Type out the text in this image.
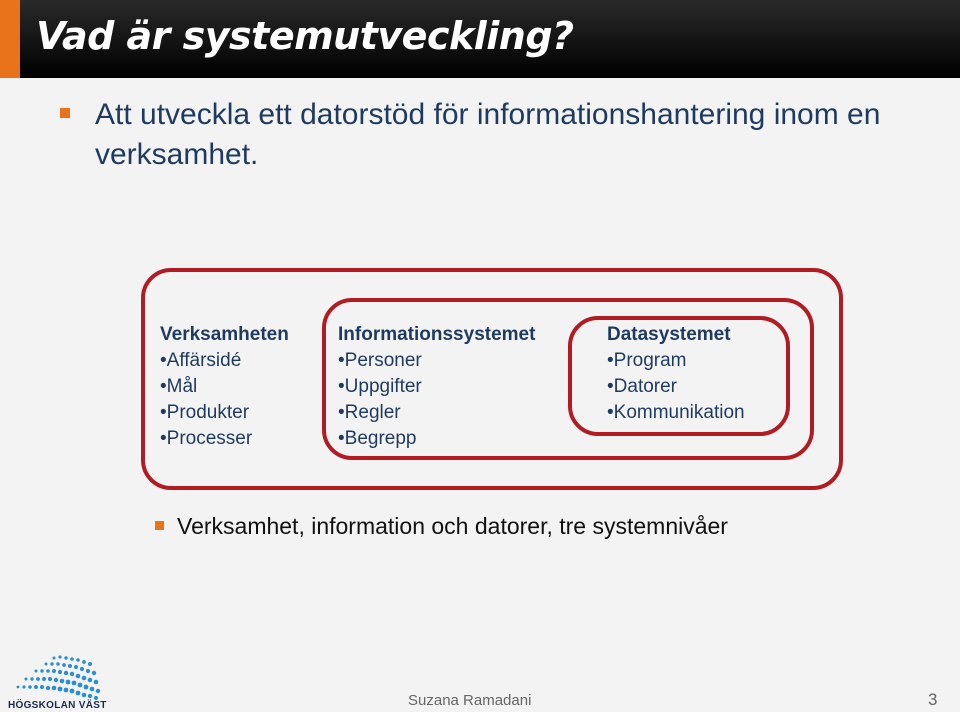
Vad är systemutveckling?
Att utveckla ett datorstöd för informationshantering inom en verksamhet.
Verksamheten
•Affärsidé
•Mål
•Produkter
•Processer
Informationssystemet
•Personer
•Uppgifter
•Regler
•Begrepp
Datasystemet
•Program
•Datorer
•Kommunikation
Verksamhet, information och datorer, tre systemnivåer
HÖGSKOLAN VÄST	Suzana Ramadani	3
